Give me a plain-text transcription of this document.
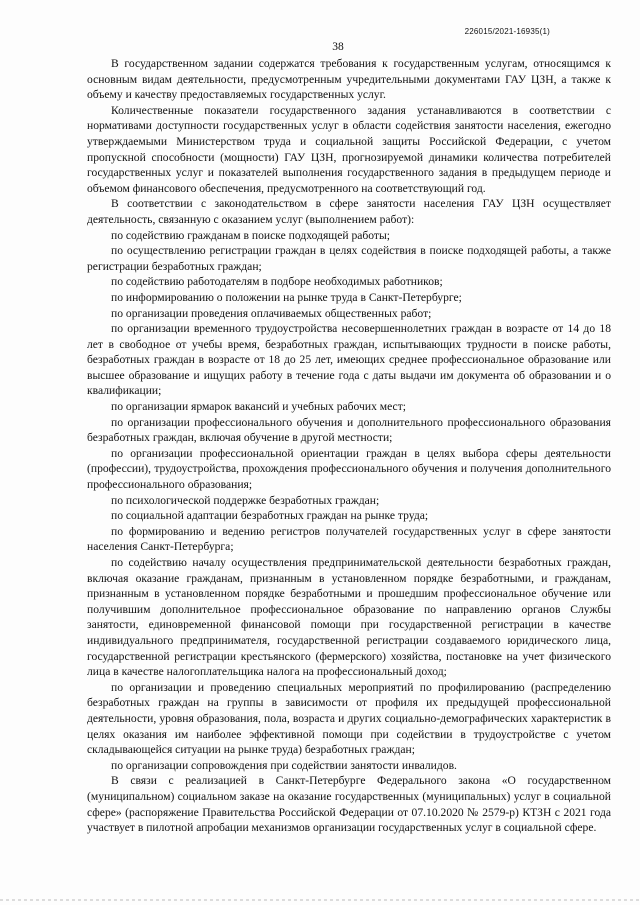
226015/2021-16935(1)
38

В государственном задании содержатся требования к государственным услугам, относящимся к основным видам деятельности, предусмотренным учредительными документами ГАУ ЦЗН, а также к объему и качеству предоставляемых государственных услуг.

Количественные показатели государственного задания устанавливаются в соответствии с нормативами доступности государственных услуг в области содействия занятости населения, ежегодно утверждаемыми Министерством труда и социальной защиты Российской Федерации, с учетом пропускной способности (мощности) ГАУ ЦЗН, прогнозируемой динамики количества потребителей государственных услуг и показателей выполнения государственного задания в предыдущем периоде и объемом финансового обеспечения, предусмотренного на соответствующий год.

В соответствии с законодательством в сфере занятости населения ГАУ ЦЗН осуществляет деятельность, связанную с оказанием услуг (выполнением работ):

по содействию гражданам в поиске подходящей работы;

по осуществлению регистрации граждан в целях содействия в поиске подходящей работы, а также регистрации безработных граждан;

по содействию работодателям в подборе необходимых работников;

по информированию о положении на рынке труда в Санкт-Петербурге;

по организации проведения оплачиваемых общественных работ;

по организации временного трудоустройства несовершеннолетних граждан в возрасте от 14 до 18 лет в свободное от учебы время, безработных граждан, испытывающих трудности в поиске работы, безработных граждан в возрасте от 18 до 25 лет, имеющих среднее профессиональное образование или высшее образование и ищущих работу в течение года с даты выдачи им документа об образовании и о квалификации;

по организации ярмарок вакансий и учебных рабочих мест;

по организации профессионального обучения и дополнительного профессионального образования безработных граждан, включая обучение в другой местности;

по организации профессиональной ориентации граждан в целях выбора сферы деятельности (профессии), трудоустройства, прохождения профессионального обучения и получения дополнительного профессионального образования;

по психологической поддержке безработных граждан;

по социальной адаптации безработных граждан на рынке труда;

по формированию и ведению регистров получателей государственных услуг в сфере занятости населения Санкт-Петербурга;

по содействию началу осуществления предпринимательской деятельности безработных граждан, включая оказание гражданам, признанным в установленном порядке безработными, и гражданам, признанным в установленном порядке безработными и прошедшим профессиональное обучение или получившим дополнительное профессиональное образование по направлению органов Службы занятости, единовременной финансовой помощи при государственной регистрации в качестве индивидуального предпринимателя, государственной регистрации создаваемого юридического лица, государственной регистрации крестьянского (фермерского) хозяйства, постановке на учет физического лица в качестве налогоплательщика налога на профессиональный доход;

по организации и проведению специальных мероприятий по профилированию (распределению безработных граждан на группы в зависимости от профиля их предыдущей профессиональной деятельности, уровня образования, пола, возраста и других социально-демографических характеристик в целях оказания им наиболее эффективной помощи при содействии в трудоустройстве с учетом складывающейся ситуации на рынке труда) безработных граждан;

по организации сопровождения при содействии занятости инвалидов.

В связи с реализацией в Санкт-Петербурге Федерального закона «О государственном (муниципальном) социальном заказе на оказание государственных (муниципальных) услуг в социальной сфере» (распоряжение Правительства Российской Федерации от 07.10.2020 № 2579-р) КТЗН с 2021 года участвует в пилотной апробации механизмов организации государственных услуг в социальной сфере.
